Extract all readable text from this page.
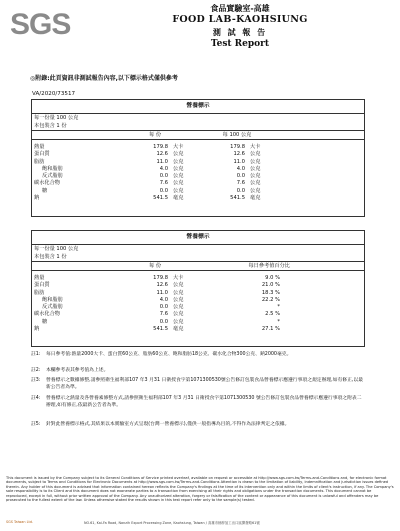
SGS	食品實驗室-高雄
FOOD LAB-KAOHSIUNG
測 試 報 告
Test Report
◎附錄:此頁資訊非測試報告內容,以下標示格式僅供參考
VA/2020/73517
營養標示
每一份量 100 公克
本包裝含 1 份
每 份	每 100 公克
熱量	179.8 大卡	179.8 大卡
蛋白質	12.6 公克	12.6 公克
脂肪	11.0 公克	11.0 公克
飽和脂肪	4.0 公克	4.0 公克
反式脂肪	0.0 公克	0.0 公克
碳水化合物	7.6 公克	7.6 公克
糖	0.0 公克	0.0 公克
鈉	541.5 毫克	541.5 毫克
營養標示
每一份量 100 公克
本包裝含 1 份
每 份	每日參考值百分比
熱量	179.8 大卡	9.0 %
蛋白質	12.6 公克	21.0 %
脂肪	11.0 公克	18.3 %
飽和脂肪	4.0 公克	22.2 %
反式脂肪	0.0 公克	*
碳水化合物	7.6 公克	2.5 %
糖	0.0 公克	*
鈉	541.5 毫克	27.1 %
註1: 每日參考值:熱量2000大卡、蛋白質60公克、脂肪60公克、飽和脂肪18公克、碳水化合物300公克、鈉2000毫克。
註2: 本欄參考表其參考值為上述。
註3: 營養標示之數據修整,請參照衛生福利部107 年3 月31 日衛授食字第1071300530號公告修訂包裝食品營養標示應遵行事項之規定辦理,如有修正,以最新公告者為準。
註4: 營養標示之熱量及各營養素修整方式,請參照衛生福利部107 年3 月31 日衛授食字第1071300530 號公告修訂包裝食品營養標示應遵行事項之附表二辦理,如有修正,依最新公告者為準。
註5: 針對此營養標示格式,其結果以本實驗室方式呈現(台灣一營養標示),僅供一般指導為目的,不得作為法律判定之依據。
This document is issued by the Company subject to its General Conditions of Service printed overleaf, available on request or accessible at http://www.sgs.com.tw/Terms-and-Conditions and, for electronic format documents, subject to Terms and Conditions for Electronic Documents at http://www.sgs.com.tw/Terms-and-Conditions Attention is drawn to the limitation of liability, indemnification and jurisdiction issues defined therein. Any holder of this document is advised that information contained hereon reflects the Company's findings at the time of its intervention only and within the limits of client's instruction, if any. The Company's sole responsibility is to its Client and this document does not exonerate parties to a transaction from exercising all their rights and obligations under the transaction documents. This document cannot be reproduced, except in full, without prior written approval of the Company. Any unauthorized alteration, forgery or falsification of the content or appearance of this document is unlawful and offenders may be prosecuted to the fullest extent of the law. Unless otherwise stated the results shown in this test report refer only to the sample(s) tested.
SGS Taiwan Ltd.	NO.61, Kai-Fa Road, Nanzih Export Processing Zone, Kaohsiung, Taiwan / 高雄市楠梓加工出口區開發路61號
